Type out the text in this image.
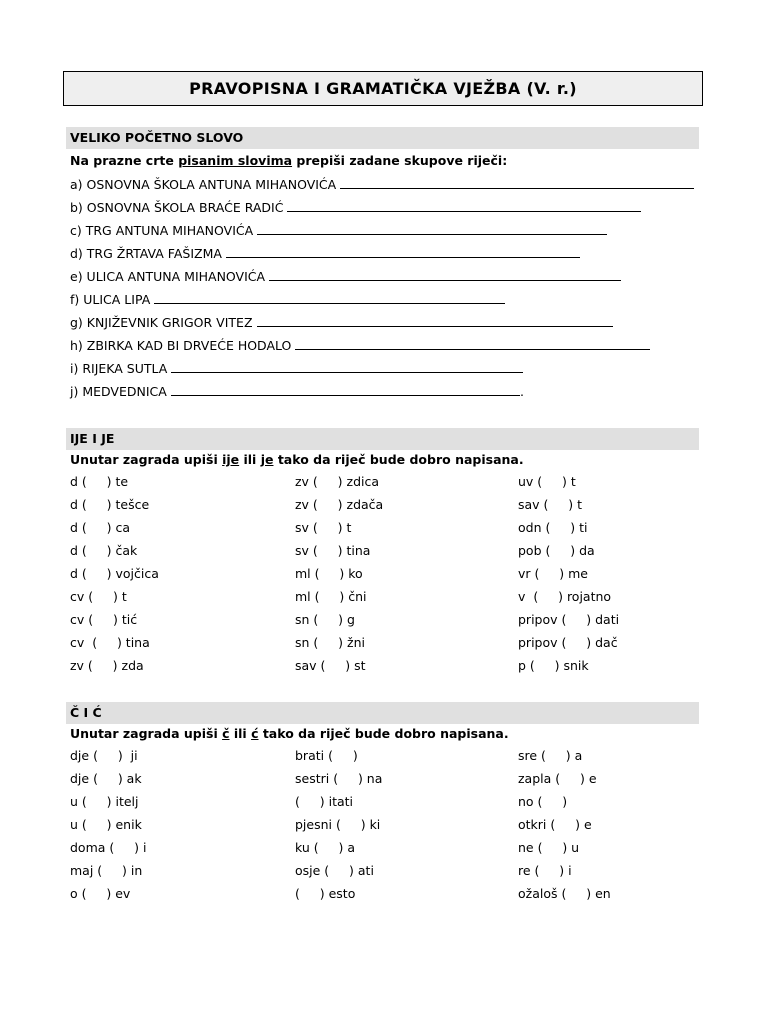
PRAVOPISNA I GRAMATIČKA VJEŽBA (V. r.)
VELIKO POČETNO SLOVO
Na prazne crte pisanim slovima prepiši zadane skupove riječi:
a) OSNOVNA ŠKOLA ANTUNA MIHANOVIĆA
b) OSNOVNA ŠKOLA BRAĆE RADIĆ
c) TRG ANTUNA MIHANOVIĆA
d) TRG ŽRTAVA FAŠIZMA
e) ULICA ANTUNA MIHANOVIĆA
f) ULICA LIPA
g) KNJIŽEVNIK GRIGOR VITEZ
h) ZBIRKA KAD BI DRVEĆE HODALO
i) RIJEKA SUTLA
j) MEDVEDNICA	.
IJE I JE
Unutar zagrada upiši ije ili je tako da riječ bude dobro napisana.
d (     ) te
d (     ) tešce
d (     ) ca
d (     ) čak
d (     ) vojčica
cv (     ) t
cv (     ) tić
cv  (     ) tina
zv (     ) zda
zv (     ) zdica
zv (     ) zdača
sv (     ) t
sv (     ) tina
ml (     ) ko
ml (     ) čni
sn (     ) g
sn (     ) žni
sav (     ) st
uv (     ) t
sav (     ) t
odn (     ) ti
pob (     ) da
vr (     ) me
v  (     ) rojatno
pripov (     ) dati
pripov (     ) dač
p (     ) snik
Č I Ć
Unutar zagrada upiši č ili ć tako da riječ bude dobro napisana.
dje (     )  ji
dje (     ) ak
u (     ) itelj
u (     ) enik
doma (     ) i
maj (     ) in
o (     ) ev
brati (     )
sestri (     ) na
(     ) itati
pjesni (     ) ki
ku (     ) a
osje (     ) ati
(     ) esto
sre (     ) a
zapla (     ) e
no (     )
otkri (     ) e
ne (     ) u
re (     ) i
ožaloš (     ) en
